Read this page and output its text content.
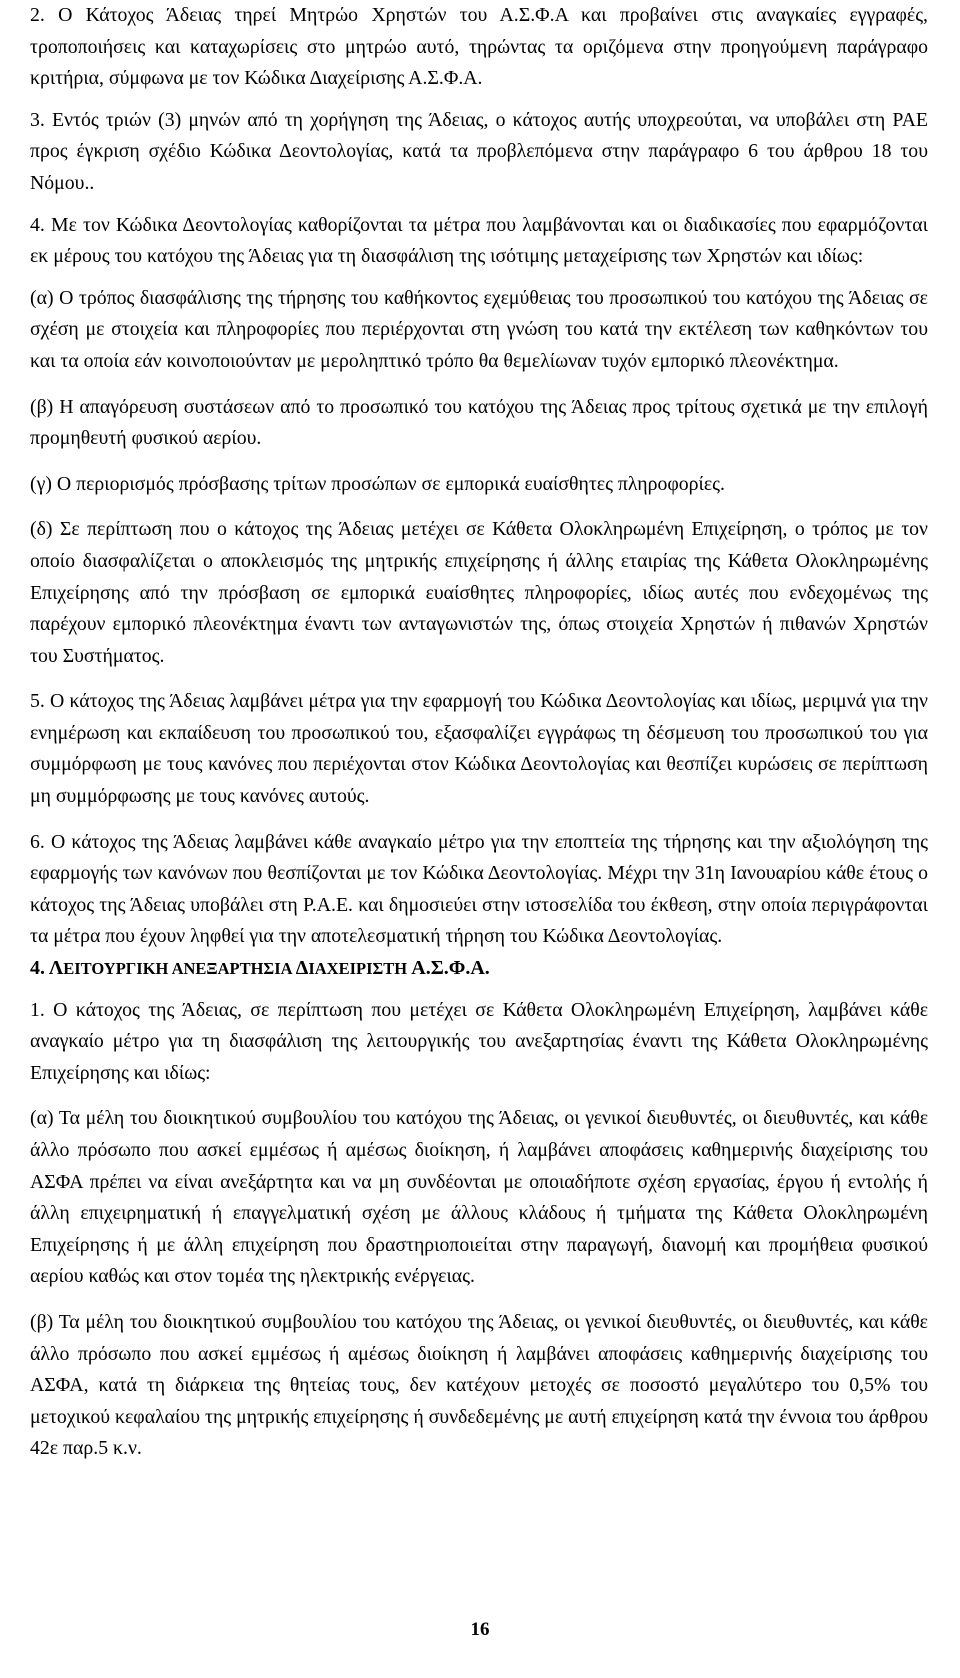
2. Ο Κάτοχος Άδειας τηρεί Μητρώο Χρηστών του Α.Σ.Φ.Α και προβαίνει στις αναγκαίες εγγραφές, τροποποιήσεις και καταχωρίσεις στο μητρώο αυτό, τηρώντας τα οριζόμενα στην προηγούμενη παράγραφο κριτήρια, σύμφωνα με τον Κώδικα Διαχείρισης Α.Σ.Φ.Α.

3. Εντός τριών (3) μηνών από τη χορήγηση της Άδειας, ο κάτοχος αυτής υποχρεούται, να υποβάλει στη ΡΑΕ προς έγκριση σχέδιο Κώδικα Δεοντολογίας, κατά τα προβλεπόμενα στην παράγραφο 6 του άρθρου 18 του Νόμου..

4. Με τον Κώδικα Δεοντολογίας καθορίζονται τα μέτρα που λαμβάνονται και οι διαδικασίες που εφαρμόζονται εκ μέρους του κατόχου της Άδειας για τη διασφάλιση της ισότιμης μεταχείρισης των Χρηστών και ιδίως:

(α) Ο τρόπος διασφάλισης της τήρησης του καθήκοντος εχεμύθειας του προσωπικού του κατόχου της Άδειας σε σχέση με στοιχεία και πληροφορίες που περιέρχονται στη γνώση του κατά την εκτέλεση των καθηκόντων του και τα οποία εάν κοινοποιούνταν με μεροληπτικό τρόπο θα θεμελίωναν τυχόν εμπορικό πλεονέκτημα.

(β) Η απαγόρευση συστάσεων από το προσωπικό του κατόχου της Άδειας προς τρίτους σχετικά με την επιλογή προμηθευτή φυσικού αερίου.

(γ) Ο περιορισμός πρόσβασης τρίτων προσώπων σε εμπορικά ευαίσθητες πληροφορίες.

(δ) Σε περίπτωση που ο κάτοχος της Άδειας μετέχει σε Κάθετα Ολοκληρωμένη Επιχείρηση, ο τρόπος με τον οποίο διασφαλίζεται ο αποκλεισμός της μητρικής επιχείρησης ή άλλης εταιρίας της Κάθετα Ολοκληρωμένης Επιχείρησης από την πρόσβαση σε εμπορικά ευαίσθητες πληροφορίες, ιδίως αυτές που ενδεχομένως της παρέχουν εμπορικό πλεονέκτημα έναντι των ανταγωνιστών της, όπως στοιχεία Χρηστών ή πιθανών Χρηστών του Συστήματος.

5. Ο κάτοχος της Άδειας λαμβάνει μέτρα για την εφαρμογή του Κώδικα Δεοντολογίας και ιδίως, μεριμνά για την ενημέρωση και εκπαίδευση του προσωπικού του, εξασφαλίζει εγγράφως τη δέσμευση του προσωπικού του για συμμόρφωση με τους κανόνες που περιέχονται στον Κώδικα Δεοντολογίας και θεσπίζει κυρώσεις σε περίπτωση μη συμμόρφωσης με τους κανόνες αυτούς.

6. Ο κάτοχος της Άδειας λαμβάνει κάθε αναγκαίο μέτρο για την εποπτεία της τήρησης και την αξιολόγηση της εφαρμογής των κανόνων που θεσπίζονται με τον Κώδικα Δεοντολογίας. Μέχρι την 31η Ιανουαρίου κάθε έτους ο κάτοχος της Άδειας υποβάλει στη Ρ.Α.Ε. και δημοσιεύει στην ιστοσελίδα του έκθεση, στην οποία περιγράφονται τα μέτρα που έχουν ληφθεί για την αποτελεσματική τήρηση του Κώδικα Δεοντολογίας.

4. ΛΕΙΤΟΥΡΓΙΚΗ ΑΝΕΞΑΡΤΗΣΙΑ ΔΙΑΧΕΙΡΙΣΤΗ Α.Σ.Φ.Α.

1. Ο κάτοχος της Άδειας, σε περίπτωση που μετέχει σε Κάθετα Ολοκληρωμένη Επιχείρηση, λαμβάνει κάθε αναγκαίο μέτρο για τη διασφάλιση της λειτουργικής του ανεξαρτησίας έναντι της Κάθετα Ολοκληρωμένης Επιχείρησης και ιδίως:

(α) Τα μέλη του διοικητικού συμβουλίου του κατόχου της Άδειας, οι γενικοί διευθυντές, οι διευθυντές, και κάθε άλλο πρόσωπο που ασκεί εμμέσως ή αμέσως διοίκηση, ή λαμβάνει αποφάσεις καθημερινής διαχείρισης του ΑΣΦΑ πρέπει να είναι ανεξάρτητα και να μη συνδέονται με οποιαδήποτε σχέση εργασίας, έργου ή εντολής ή άλλη επιχειρηματική ή επαγγελματική σχέση με άλλους κλάδους ή τμήματα της Κάθετα Ολοκληρωμένη Επιχείρησης ή με άλλη επιχείρηση που δραστηριοποιείται στην παραγωγή, διανομή και προμήθεια φυσικού αερίου καθώς και στον τομέα της ηλεκτρικής ενέργειας.

(β) Τα μέλη του διοικητικού συμβουλίου του κατόχου της Άδειας, οι γενικοί διευθυντές, οι διευθυντές, και κάθε άλλο πρόσωπο που ασκεί εμμέσως ή αμέσως διοίκηση ή λαμβάνει αποφάσεις καθημερινής διαχείρισης του ΑΣΦΑ, κατά τη διάρκεια της θητείας τους, δεν κατέχουν μετοχές σε ποσοστό μεγαλύτερο του 0,5% του μετοχικού κεφαλαίου της μητρικής επιχείρησης ή συνδεδεμένης με αυτή επιχείρηση κατά την έννοια του άρθρου 42ε παρ.5 κ.ν.

16
